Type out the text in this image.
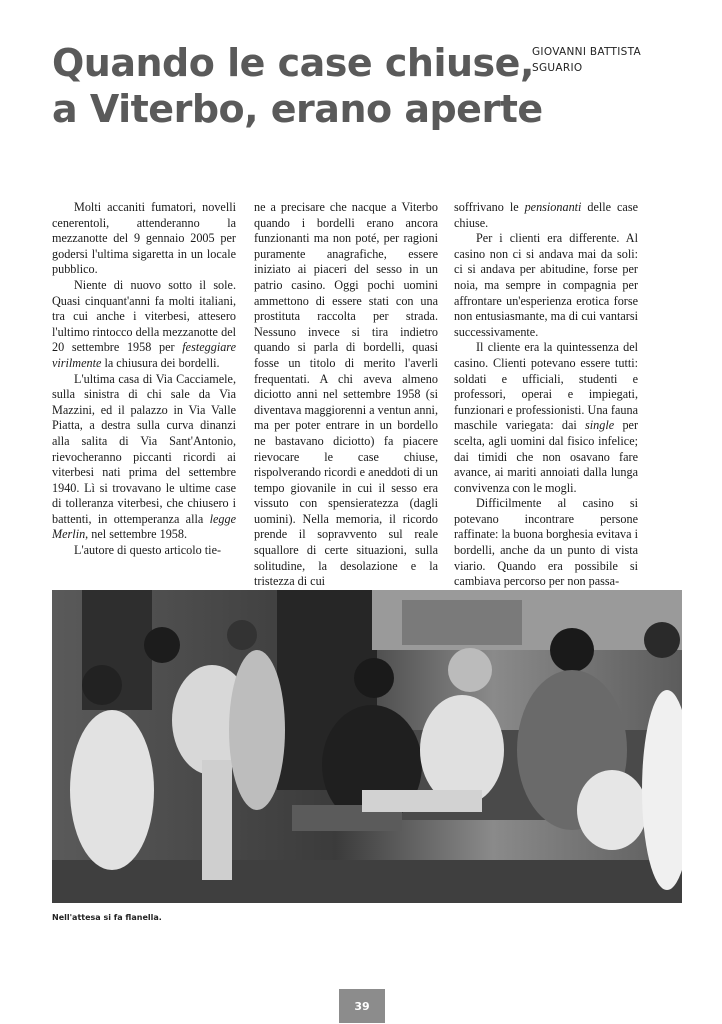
Quando le case chiuse,
a Viterbo, erano aperte
GIOVANNI BATTISTA
SGUARIO

Molti accaniti fumatori, novelli cenerentoli, attenderanno la mezzanotte del 9 gennaio 2005 per godersi l'ultima sigaretta in un locale pubblico.

Niente di nuovo sotto il sole. Quasi cinquant'anni fa molti italiani, tra cui anche i viterbesi, attesero l'ultimo rintocco della mezzanotte del 20 settembre 1958 per festeggiare virilmente la chiusura dei bordelli.

L'ultima casa di Via Cacciamele, sulla sinistra di chi sale da Via Mazzini, ed il palazzo in Via Valle Piatta, a destra sulla curva dinanzi alla salita di Via Sant'Antonio, rievocheranno piccanti ricordi ai viterbesi nati prima del settembre 1940. Lì si trovavano le ultime case di tolleranza viterbesi, che chiusero i battenti, in ottemperanza alla legge Merlin, nel settembre 1958.

L'autore di questo articolo tie-

ne a precisare che nacque a Viterbo quando i bordelli erano ancora funzionanti ma non poté, per ragioni puramente anagrafiche, essere iniziato ai piaceri del sesso in un patrio casino. Oggi pochi uomini ammettono di essere stati con una prostituta raccolta per strada. Nessuno invece si tira indietro quando si parla di bordelli, quasi fosse un titolo di merito l'averli frequentati. A chi aveva almeno diciotto anni nel settembre 1958 (si diventava maggiorenni a ventun anni, ma per poter entrare in un bordello ne bastavano diciotto) fa piacere rievocare le case chiuse, rispolverando ricordi e aneddoti di un tempo giovanile in cui il sesso era vissuto con spensieratezza (dagli uomini). Nella memoria, il ricordo prende il sopravvento sul reale squallore di certe situazioni, sulla solitudine, la desolazione e la tristezza di cui

soffrivano le pensionanti delle case chiuse.

Per i clienti era differente. Al casino non ci si andava mai da soli: ci si andava per abitudine, forse per noia, ma sempre in compagnia per affrontare un'esperienza erotica forse non entusiasmante, ma di cui vantarsi successivamente.

Il cliente era la quintessenza del casino. Clienti potevano essere tutti: soldati e ufficiali, studenti e professori, operai e impiegati, funzionari e professionisti. Una fauna maschile variegata: dai single per scelta, agli uomini dal fisico infelice; dai timidi che non osavano fare avance, ai mariti annoiati dalla lunga convivenza con le mogli.

Difficilmente al casino si potevano incontrare persone raffinate: la buona borghesia evitava i bordelli, anche da un punto di vista viario. Quando era possibile si cambiava percorso per non passa-

Nell'attesa si fa flanella.
39
